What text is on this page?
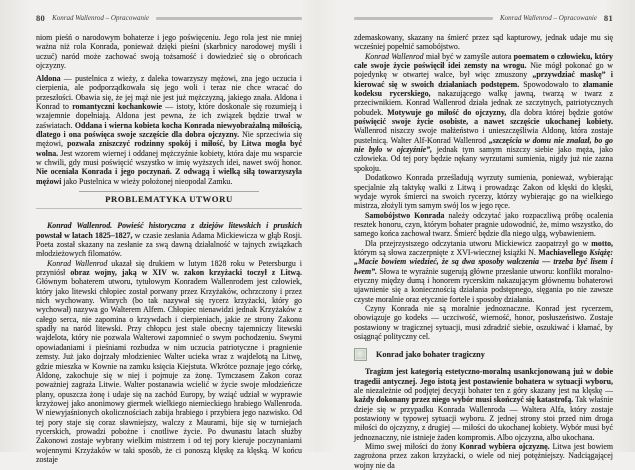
80 Konrad Wallenrod – Opracowanie

niom pieśń o narodowym bohaterze i jego poświęceniu. Jego rola jest nie mniej ważna niż rola Konrada, ponieważ dzięki pieśni (skarbnicy narodowej myśli i uczuć) naród może zachować swoją tożsamość i dowiedzieć się o obrońcach ojczyzny.

Aldona — pustelnica z wieży, z daleka towarzyszy mężowi, zna jego uczucia i cierpienia, ale podporządkowała się jego woli i teraz nie chce wracać do przeszłości. Obawia się, że jej mąż nie jest już mężczyzną, jakiego znała. Aldona i Konrad to romantyczni kochankowie — istoty, które doskonale się rozumieją i wzajemnie dopełniają. Aldona jest pewna, że ich związek będzie trwał w zaświatach. Oddana i wierna kobieta kocha Konrada niewyobrażalną miłością, dlatego i ona poświęca swoje szczęście dla dobra ojczyzny. Nie sprzeciwia się mężowi, pozwala zniszczyć rodzinny spokój i miłość, by Litwa mogła być wolna. Jest wzorem wiernej i oddanej mężczyźnie kobiety, która daje mu wsparcie w chwili, gdy musi poświęcić wszystko w imię wyższych idei, nawet swój honor. Nie oceniała Konrada i jego poczynań. Z odwagą i wielką siłą towarzyszyła mężowi jako Pustelnica w wieży położonej nieopodal Zamku.

PROBLEMATYKA UTWORU

Konrad Wallenrod. Powieść historyczna z dziejów litewskich i pruskich powstał w latach 1825–1827, w czasie zesłania Adama Mickiewicza w głąb Rosji. Poeta został skazany na zesłanie za swą dawną działalność w tajnych związkach młodzieżowych filomatów.

Konrad Wallenrod ukazał się drukiem w lutym 1828 roku w Petersburgu i przyniósł obraz wojny, jaką w XIV w. zakon krzyżacki toczył z Litwą. Głównym bohaterem utworu, tytułowym Konradem Wallenrodem jest człowiek, który jako litewski chłopiec został porwany przez Krzyżaków, ochrzczony i przez nich wychowany. Winrych (bo tak nazywał się rycerz krzyżacki, który go wychował) nazywa go Walterem Alfem. Chłopiec nienawidzi jednak Krzyżaków z całego serca, nie zapomina o krzywdach i cierpieniach, jakie ze strony Zakonu spadły na naród litewski. Przy chłopcu jest stale obecny tajemniczy litewski wajdelota, który nie pozwala Walterowi zapomnieć o swym pochodzeniu. Swymi opowiadaniami i pieśniami rozbudza w nim uczucia patriotyczne i pragnienie zemsty. Już jako dojrzały młodzieniec Walter ucieka wraz z wajdelotą na Litwę, gdzie mieszka w Kownie na zamku księcia Kiejstuta. Wkrótce poznaje jego córkę, Aldonę, zakochuje się w niej i pojmuje za żonę. Tymczasem Zakon coraz poważniej zagraża Litwie. Walter postanawia wcielić w życie swoje młodzieńcze plany, opuszcza żonę i udaje się na zachód Europy, by wziąć udział w wyprawie krzyżowej jako anonimowy giermek wielkiego niemieckiego hrabiego Wallenroda. W niewyjaśnionych okolicznościach zabija hrabiego i przybiera jego nazwisko. Od tej pory staje się coraz sławniejszy, walczy z Maurami, bije się w turniejach rycerskich, prowadzi pobożne i cnotliwe życie. Po dwunastu latach służby Zakonowi zostaje wybrany wielkim mistrzem i od tej pory kieruje poczynaniami wojennymi Krzyżaków w taki sposób, że ci ponoszą klęskę za klęską. W końcu zostaje

Konrad Wallenrod – Opracowanie 81

zdemaskowany, skazany na śmierć przez sąd kapturowy, jednak udaje mu się wcześniej popełnić samobójstwo.

Konrad Wallenrod miał być w zamyśle autora poematem o człowieku, który całe swoje życie poświęcił idei zemsty na wrogu. Nie mógł pokonać go w pojedynkę w otwartej walce, był więc zmuszony „przywdziać maskę” i kierować się w swoich działaniach podstępem. Spowodowało to złamanie kodeksu rycerskiego, nakazującego walkę jawną, twarzą w twarz z przeciwnikiem. Konrad Wallenrod działa jednak ze szczytnych, patriotycznych pobudek. Motywuje go miłość do ojczyzny, dla dobra której będzie gotów poświęcić swoje życie osobiste, a nawet szczęście ukochanej kobiety. Wallenrod niszczy swoje małżeństwo i unieszczęśliwia Aldonę, która zostaje pustelnicą. Walter Alf-Konrad Wallenrod „szczęścia w domu nie znalazł, bo go nie było w ojczyźnie”, jednak tym samym niszczy siebie jako męża, jako człowieka. Od tej pory będzie nękany wyrzutami sumienia, nigdy już nie zazna spokoju.

Dodatkowo Konrada prześladują wyrzuty sumienia, ponieważ, wybierając specjalnie złą taktykę walki z Litwą i prowadząc Zakon od klęski do klęski, wydaje wyrok śmierci na swoich rycerzy, którzy wybierając go na wielkiego mistrza, złożyli tym samym swój los w jego ręce.

Samobójstwo Konrada należy odczytać jako rozpaczliwą próbę ocalenia resztek honoru, czyn, którym bohater pragnie udowodnić, że, mimo wszystko, do samego końca zachował twarz. Śmierć będzie dla niego ulgą, wybawieniem.

Dla przejrzystszego odczytania utworu Mickiewicz zaopatrzył go w motto, którym są słowa zaczerpnięte z XVI-wiecznej książki N. Machiavellego Książę: „Macie bowiem wiedzieć, że są dwa sposoby walczenia — trzeba być lisem i lwem”. Słowa te wyraźnie sugerują główne przesłanie utworu: konflikt moralno-etyczny między dumą i honorem rycerskim nakazującym głównemu bohaterowi ujawnienie się a koniecznością działania podstępnego, sięgania po nie zawsze czyste moralnie oraz etycznie fortele i sposoby działania.

Czyny Konrada nie są moralnie jednoznaczne. Konrad jest rycerzem, obowiązuje go kodeks — uczciwość, wierność, honor, posłuszeństwo. Zostaje postawiony w tragicznej sytuacji, musi zdradzić siebie, oszukiwać i kłamać, by osiągnąć polityczny cel.

Konrad jako bohater tragiczny

Tragizm jest kategorią estetyczno-moralną usankcjonowaną już w dobie tragedii antycznej. Jego istotą jest postawienie bohatera w sytuacji wyboru, ale niezależnie od podjętej decyzji bohater ten z góry skazany jest na klęskę — każdy dokonany przez niego wybór musi skończyć się katastrofą. Tak właśnie dzieje się w przypadku Konrada Wallenroda — Waltera Alfa, który zostaje postawiony w typowej sytuacji wyboru. Z jednej strony stoi przed nim droga miłości do ojczyzny, z drugiej — miłości do ukochanej kobiety. Wybór musi być jednoznaczny, nie istnieje żaden kompromis. Albo ojczyzna, albo ukochana.

Mimo swej miłości do żony Konrad wybiera ojczyznę. Litwa jest bowiem zagrożona przez zakon krzyżacki, o wiele od niej potężniejszy. Nadciągającej wojny nie da
